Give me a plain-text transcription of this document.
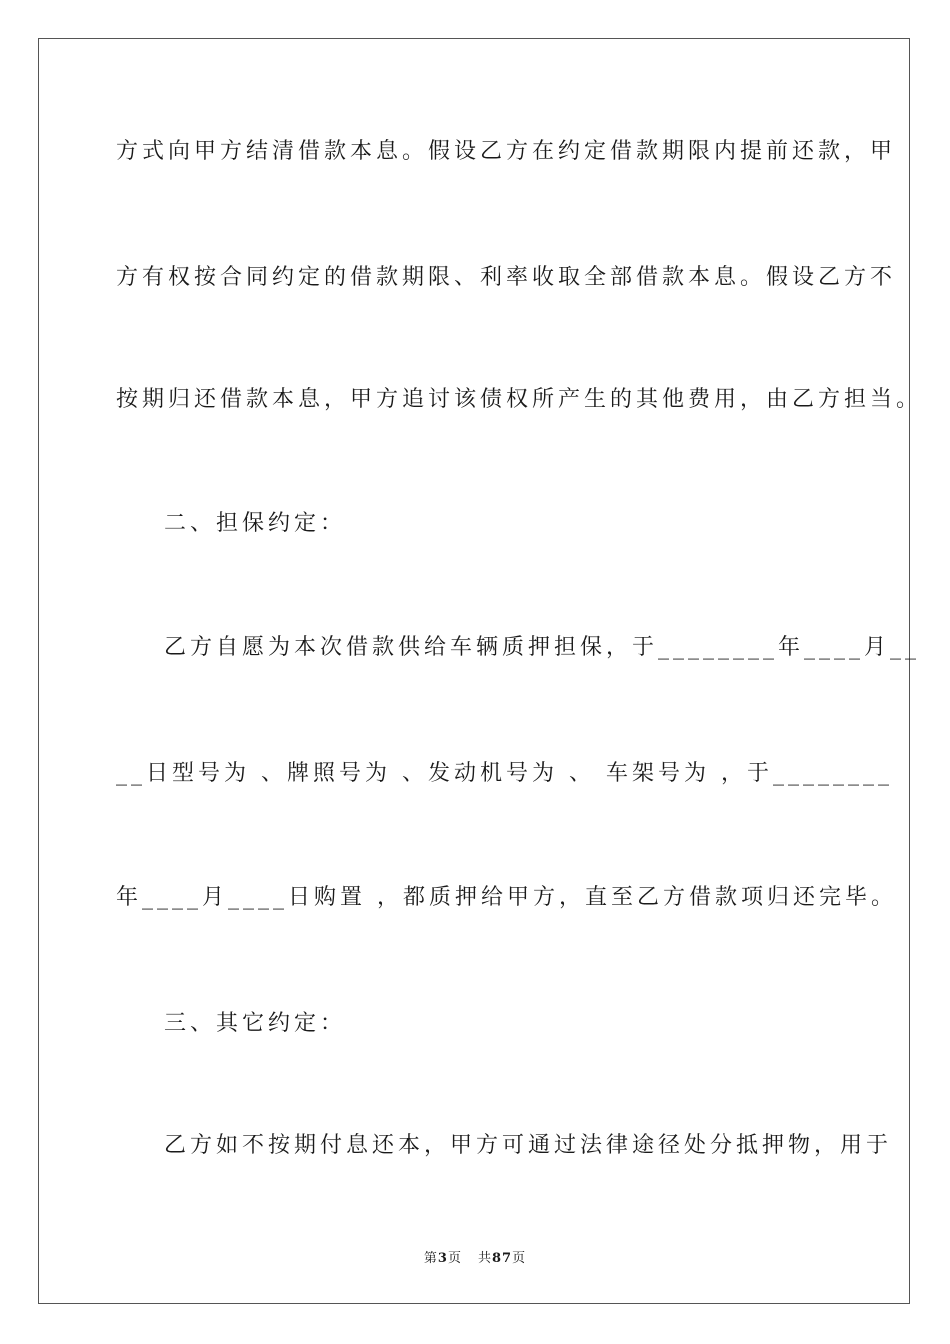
方式向甲方结清借款本息。假设乙方在约定借款期限内提前还款，甲
方有权按合同约定的借款期限、利率收取全部借款本息。假设乙方不
按期归还借款本息，甲方追讨该债权所产生的其他费用，由乙方担当。
二、担保约定：
乙方自愿为本次借款供给车辆质押担保，于________年____月__
__日型号为 、牌照号为 、发动机号为 、 车架号为 ，于________
年____月____日购置 ，都质押给甲方，直至乙方借款项归还完毕。
三、其它约定：
乙方如不按期付息还本，甲方可通过法律途径处分抵押物，用于
第3页 共87页
